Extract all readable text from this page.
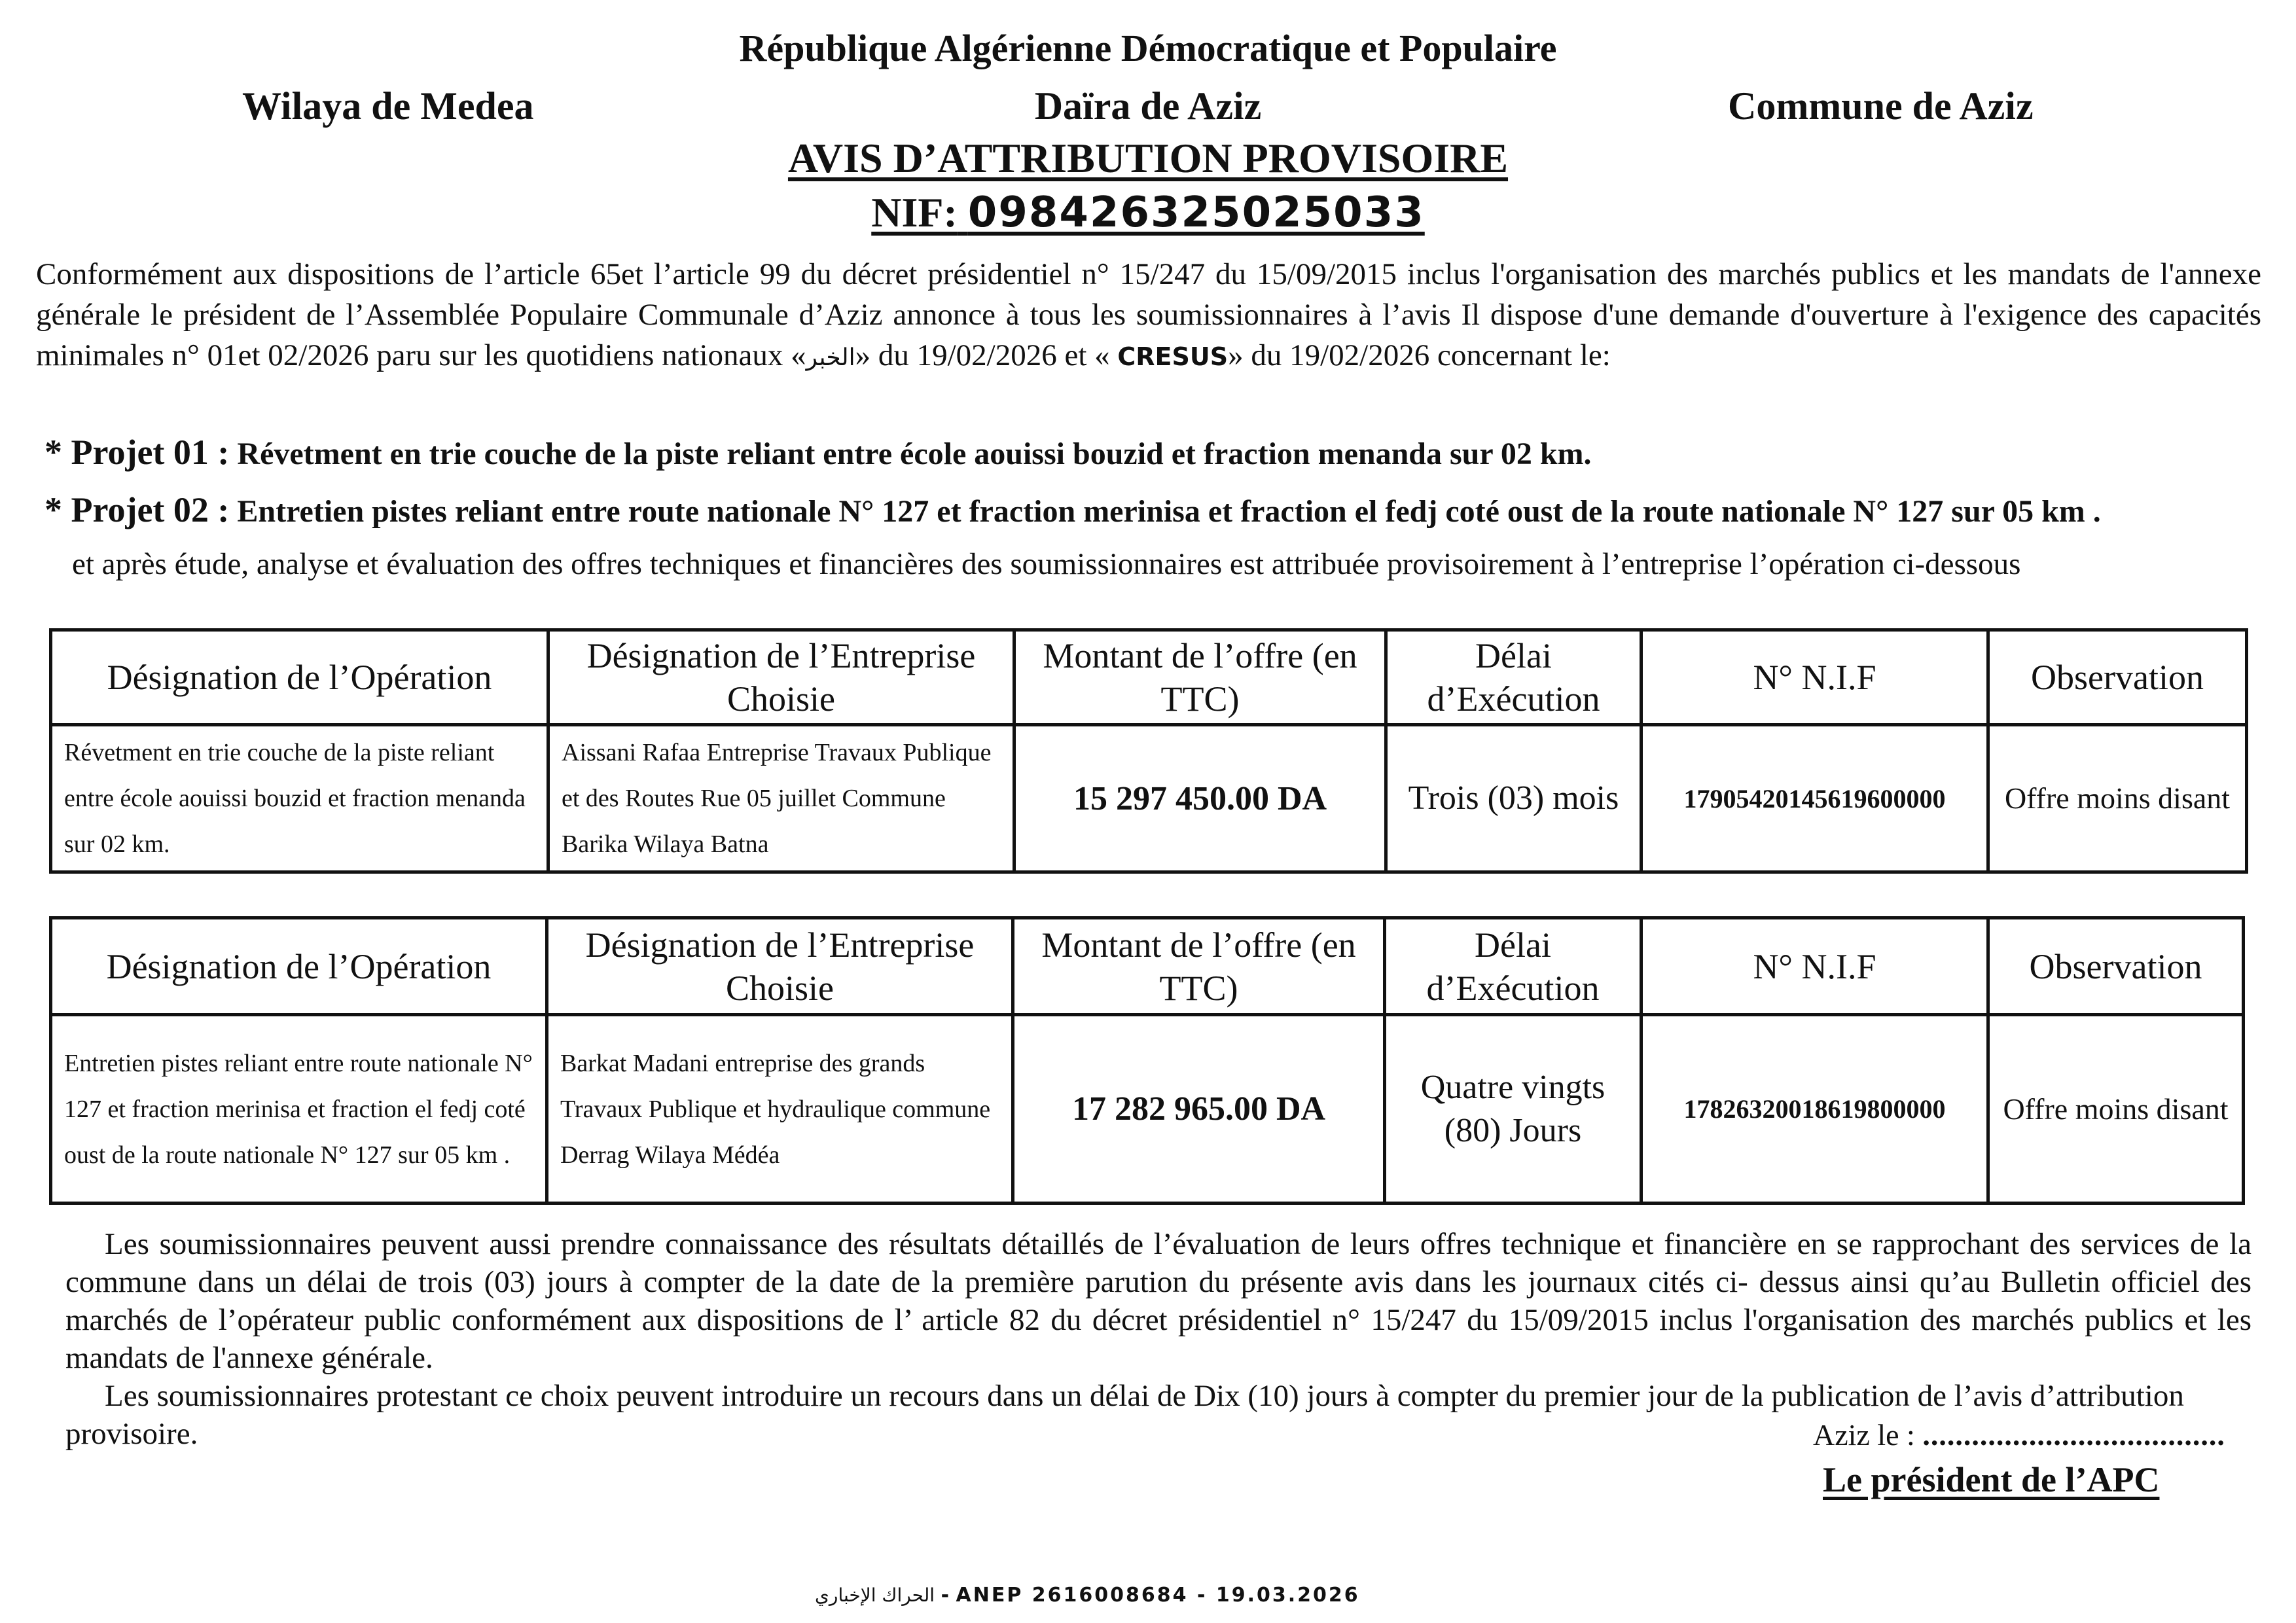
République Algérienne Démocratique et Populaire
Wilaya de Medea	Daïra de Aziz	Commune de Aziz
AVIS D’ATTRIBUTION PROVISOIRE
NIF: 098426325025033
Conformément aux dispositions de l’article 65et l’article 99 du décret présidentiel n° 15/247 du 15/09/2015 inclus l'organisation des marchés publics et les mandats de l'annexe générale le président de l’Assemblée Populaire Communale d’Aziz annonce à tous les soumissionnaires à l’avis Il dispose d'une demande d'ouverture à l'exigence des capacités minimales n° 01et 02/2026 paru sur les quotidiens nationaux «الخبر» du 19/02/2026 et « CRESUS» du 19/02/2026 concernant le:
* Projet 01 : Révetment en trie couche de la piste reliant entre école aouissi bouzid et fraction menanda sur 02 km.
* Projet 02 : Entretien pistes reliant entre route nationale N° 127 et fraction merinisa et fraction el fedj coté oust de la route nationale N° 127 sur 05 km .
et après étude, analyse et évaluation des offres techniques et financières des soumissionnaires est attribuée provisoirement à l’entreprise l’opération ci-dessous
Désignation de l’Opération	Désignation de l’Entreprise Choisie	Montant de l’offre (en TTC)	Délai d’Exécution	N° N.I.F	Observation
Révetment en trie couche de la piste reliant entre école aouissi bouzid et fraction menanda sur 02 km.	Aissani Rafaa Entreprise Travaux Publique et des Routes Rue 05 juillet Commune Barika Wilaya Batna	15 297 450.00 DA	Trois (03) mois	17905420145619600000	Offre moins disant
Désignation de l’Opération	Désignation de l’Entreprise Choisie	Montant de l’offre (en TTC)	Délai d’Exécution	N° N.I.F	Observation
Entretien pistes reliant entre route nationale N° 127 et fraction merinisa et fraction el fedj coté oust de la route nationale N° 127 sur 05 km .	Barkat Madani entreprise des grands Travaux Publique et hydraulique commune Derrag Wilaya Médéa	17 282 965.00 DA	Quatre vingts (80) Jours	17826320018619800000	Offre moins disant
Les soumissionnaires peuvent aussi prendre connaissance des résultats détaillés de l’évaluation de leurs offres technique et financière en se rapprochant des services de la commune dans un délai de trois (03) jours à compter de la date de la première parution du présente avis dans les journaux cités ci- dessus ainsi qu’au Bulletin officiel des marchés de l’opérateur public conformément aux dispositions de l’ article 82 du décret présidentiel n° 15/247 du 15/09/2015 inclus l'organisation des marchés publics et les mandats de l'annexe générale.
Les soumissionnaires protestant ce choix peuvent introduire un recours dans un délai de Dix (10) jours à compter du premier jour de la publication de l’avis d’attribution provisoire.	Aziz le : .....................................
Le président de l’APC
الحراك الإخباري - ANEP 2616008684 - 19.03.2026
